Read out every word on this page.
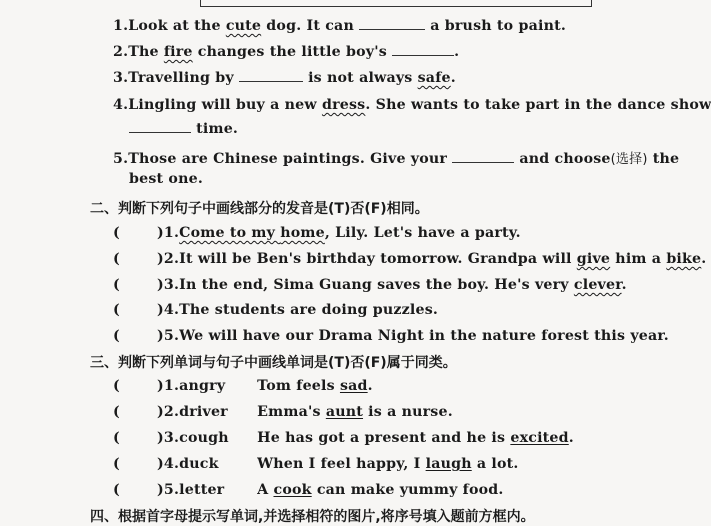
1.Look at the cute dog. It can	a brush to paint.
2.The fire changes the little boy's	.
3.Travelling by	is not always safe.
4.Lingling will buy a new dress. She wants to take part in the dance show
time.
5.Those are Chinese paintings. Give your	and choose(选择) the
best one.
二、判断下列句子中画线部分的发音是(T)否(F)相同。
(	)1.Come to my home, Lily. Let's have a party.
(	)2.It will be Ben's birthday tomorrow. Grandpa will give him a bike.
(	)3.In the end, Sima Guang saves the boy. He's very clever.
(	)4.The students are doing puzzles.
(	)5.We will have our Drama Night in the nature forest this year.
三、判断下列单词与句子中画线单词是(T)否(F)属于同类。
(	)1.angry Tom feels sad.
(	)2.driver Emma's aunt is a nurse.
(	)3.cough He has got a present and he is excited.
(	)4.duck	When I feel happy, I laugh a lot.
(	)5.letter A cook can make yummy food.
四、根据首字母提示写单词,并选择相符的图片,将序号填入题前方框内。
